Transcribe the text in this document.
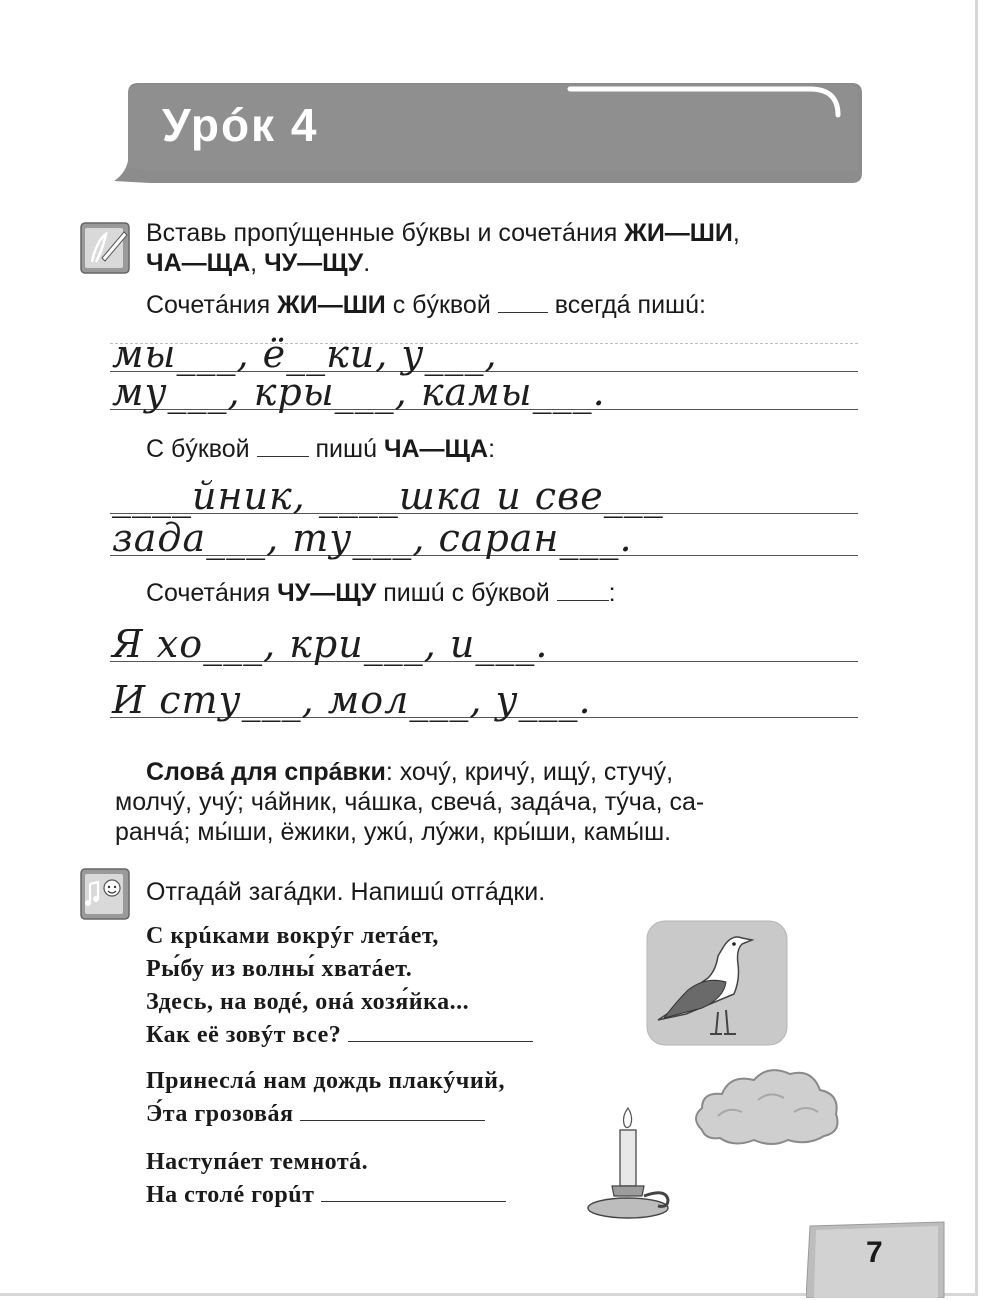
Урóк 4
Вставь пропýщенные бýквы и сочетáния ЖИ—ШИ,
ЧА—ЩА, ЧУ—ЩУ.
Сочетáния ЖИ—ШИ с бýквой  всегдá пишú:
мы___, ё__ки, у___,
му___, кры___, камы___.
С бýквой  пишú ЧА—ЩА:
____йник, ____шка и све___
зада___, ту___, саран___.
Сочетáния ЧУ—ЩУ пишú с бýквой :
Я хо___, кри___, и___.
И сту___, мол___, у___.
Словá для спрáвки: хочý, кричý, ищý, стучý,
молчý, учý; чáйник, чáшка, свечá, задáча, тýча, са-
ранчá; мы́ши, ёжики, ужú, лýжи, кры́ши, камы́ш.
Отгадáй загáдки. Напишú отгáдки.
С крúками вокрýг летáет,
Ры́бу из волны́ хватáет.
Здесь, на водé, онá хозя́йка...
Как её зовýт все?
Принеслá нам дождь плакýчий,
Э́та грозовáя
Наступáет темнотá.
На столé горúт
7
